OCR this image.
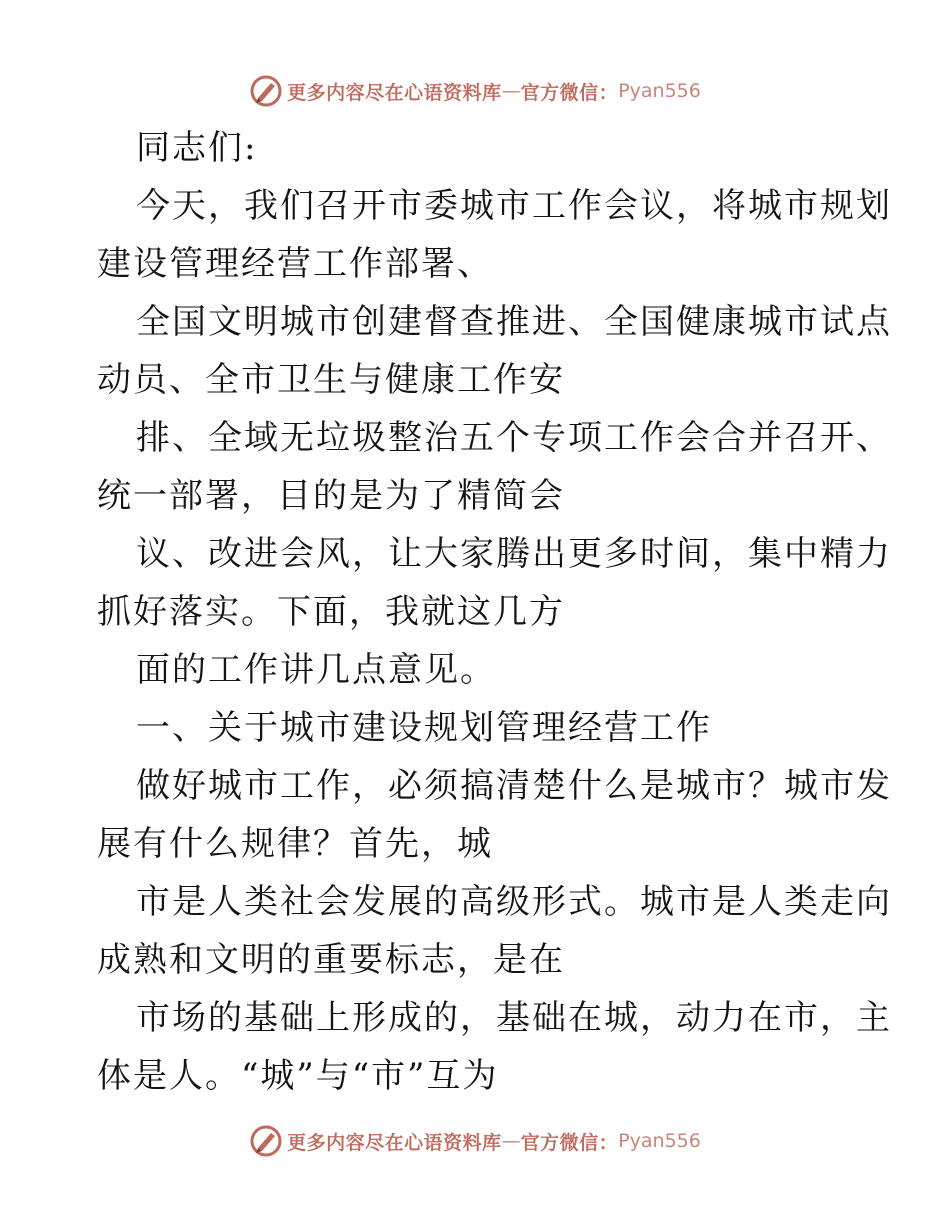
更多内容尽在心语资料库 — 官方微信： Pyan556
同志们:
今天，我们召开市委城市工作会议，将城市规划
建设管理经营工作部署、
全国文明城市创建督查推进、全国健康城市试点
动员、全市卫生与健康工作安
排、全域无垃圾整治五个专项工作会合并召开、
统一部署，目的是为了精简会
议、改进会风，让大家腾出更多时间，集中精力
抓好落实。下面，我就这几方
面的工作讲几点意见。
一、关于城市建设规划管理经营工作
做好城市工作，必须搞清楚什么是城市？城市发
展有什么规律？首先，城
市是人类社会发展的高级形式。城市是人类走向
成熟和文明的重要标志，是在
市场的基础上形成的，基础在城，动力在市，主
体是人。“城”与“市”互为
更多内容尽在心语资料库 — 官方微信： Pyan556
